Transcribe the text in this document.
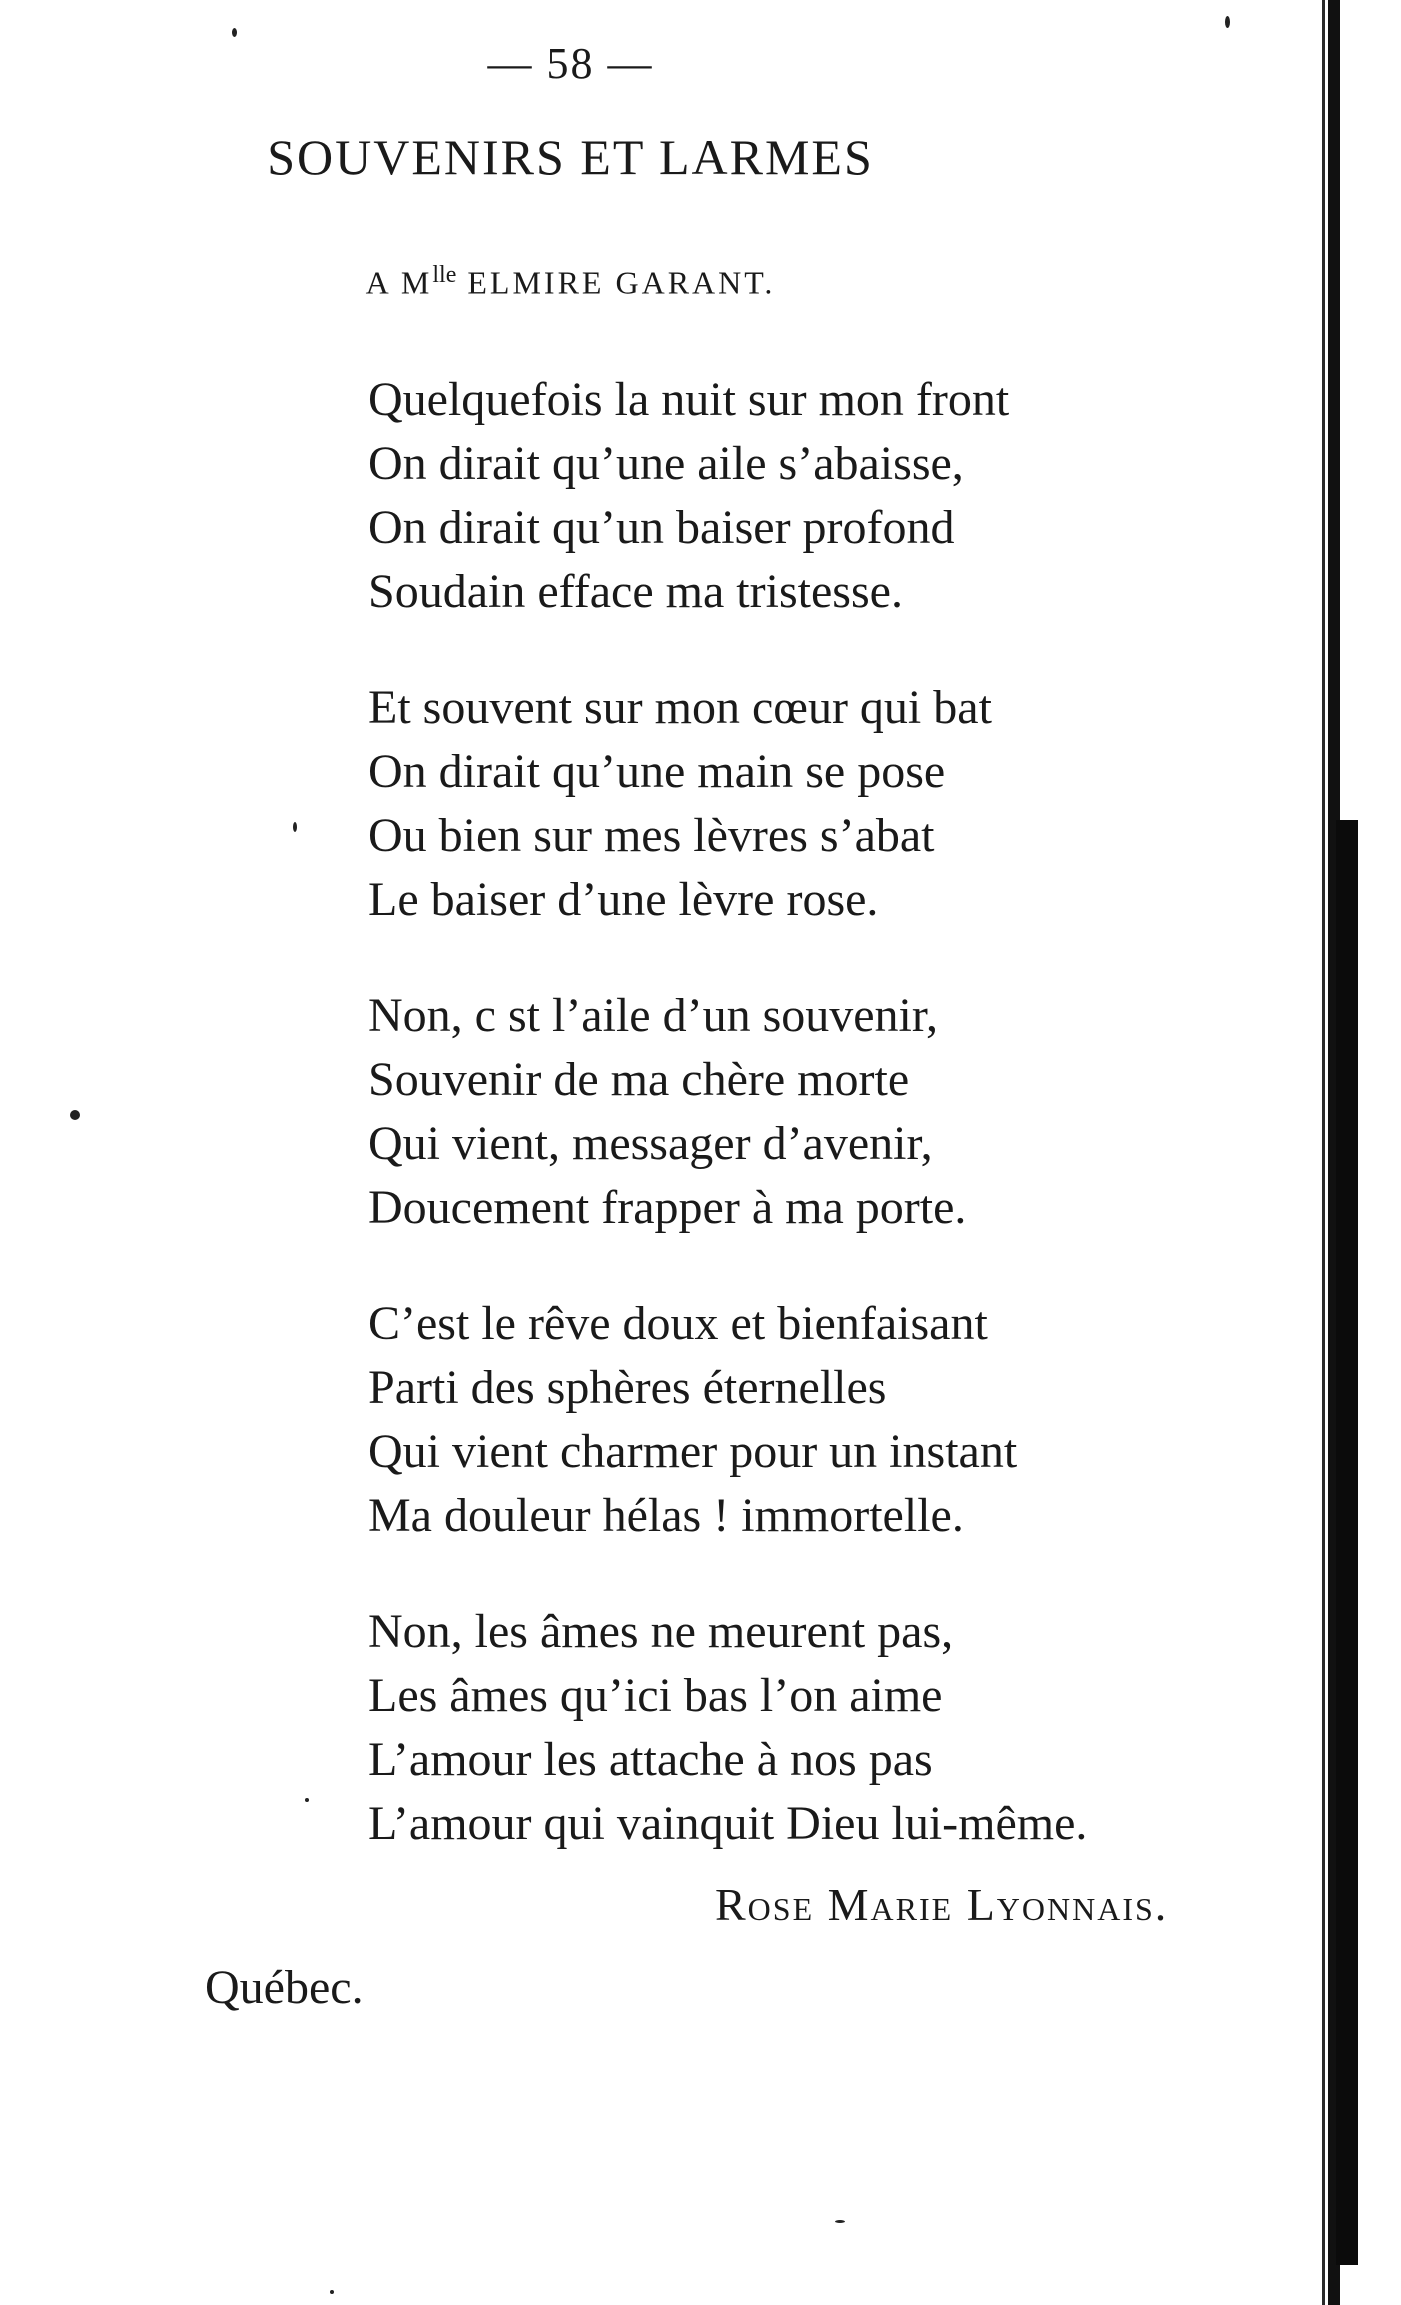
— 58 —
SOUVENIRS ET LARMES
A $M^{lle}$ ELMIRE GARANT.
Quelquefois la nuit sur mon front
On dirait qu’une aile s’abaisse,
On dirait qu’un baiser profond
Soudain efface ma tristesse.
Et souvent sur mon cœur qui bat
On dirait qu’une main se pose
Ou bien sur mes lèvres s’abat
Le baiser d’une lèvre rose.
Non, c st l’aile d’un souvenir,
Souvenir de ma chère morte
Qui vient, messager d’avenir,
Doucement frapper à ma porte.
C’est le rêve doux et bienfaisant
Parti des sphères éternelles
Qui vient charmer pour un instant
Ma douleur hélas ! immortelle.
Non, les âmes ne meurent pas,
Les âmes qu’ici bas l’on aime
L’amour les attache à nos pas
L’amour qui vainquit Dieu lui-même.
Rose Marie Lyonnais.
Québec.
